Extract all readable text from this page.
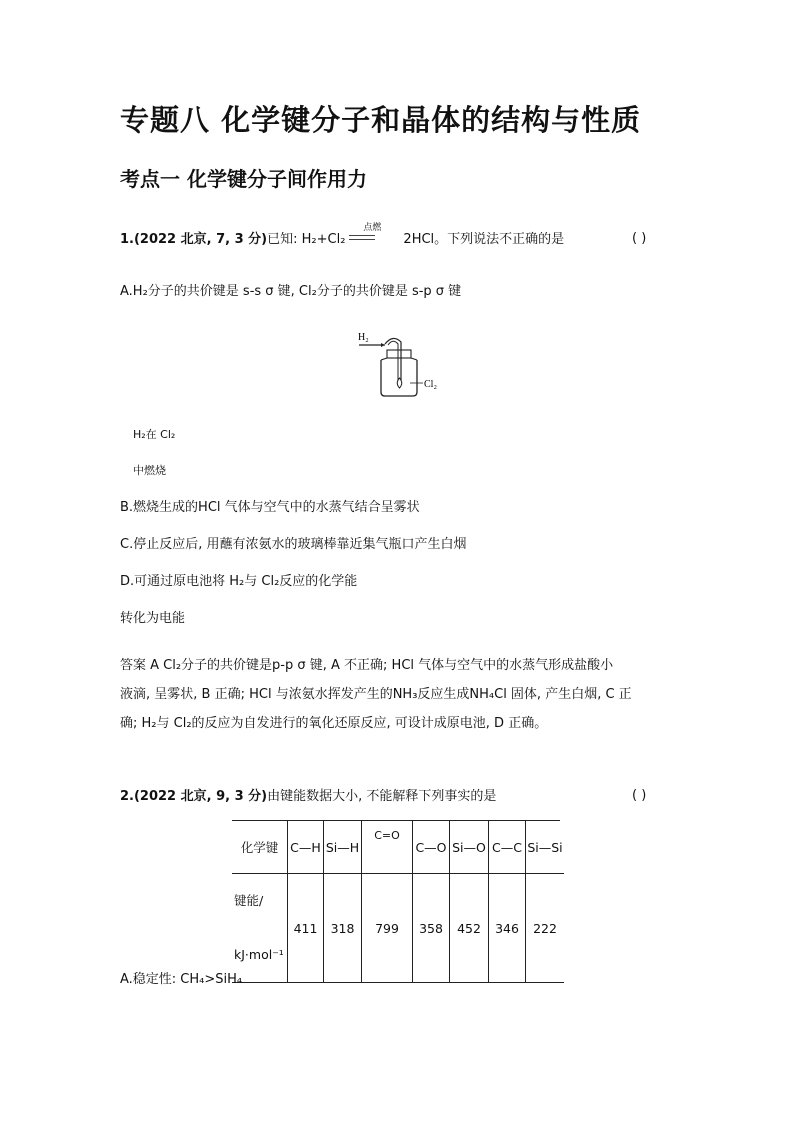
专题八 化学键分子和晶体的结构与性质
考点一 化学键分子间作用力
1.(2022 北京, 7, 3 分)已知: H₂+Cl₂
点燃
2HCl。下列说法不正确的是	( )
A.H₂分子的共价键是 s-s σ 键, Cl₂分子的共价键是 s-p σ 键
H₂
Cl₂
H₂在 Cl₂
中燃烧
B.燃烧生成的HCl 气体与空气中的水蒸气结合呈雾状
C.停止反应后, 用蘸有浓氨水的玻璃棒靠近集气瓶口产生白烟
D.可通过原电池将 H₂与 Cl₂反应的化学能
转化为电能
答案 A Cl₂分子的共价键是p-p σ 键, A 不正确; HCl 气体与空气中的水蒸气形成盐酸小
液滴, 呈雾状, B 正确; HCl 与浓氨水挥发产生的NH₃反应生成NH₄Cl 固体, 产生白烟, C 正
确; H₂与 Cl₂的反应为自发进行的氧化还原反应, 可设计成原电池, D 正确。
2.(2022 北京, 9, 3 分)由键能数据大小, 不能解释下列事实的是	( )
化学键	C—H	Si—H	C=O	C—O	Si—O	C—C	Si—Si

键能/
kJ·mol⁻¹	411	318	799	358	452	346	222
A.稳定性: CH₄>SiH₄
